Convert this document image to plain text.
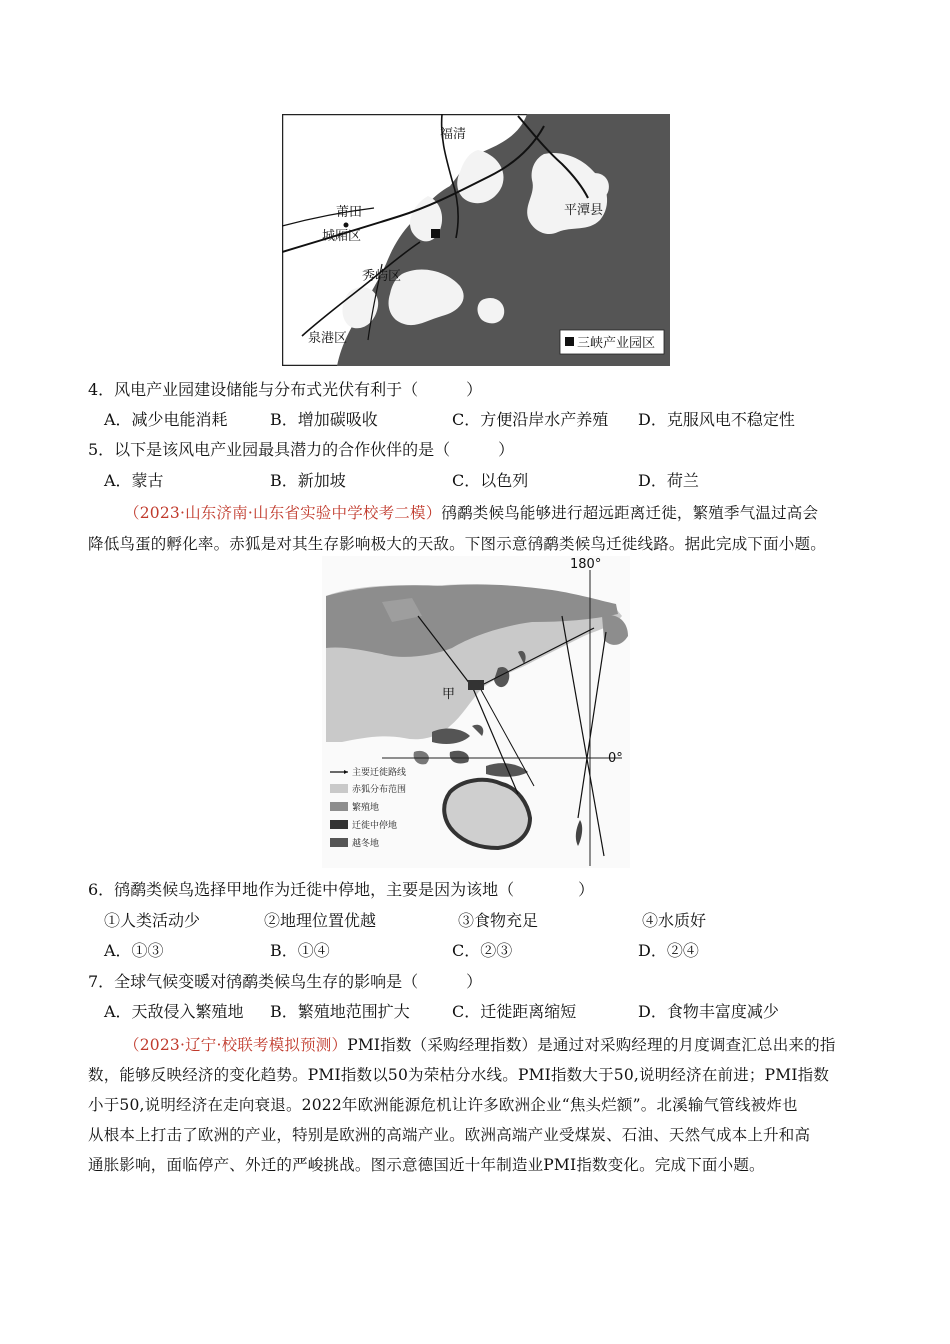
福清
莆田
城厢区
秀屿区
泉港区
平潭县
三峡产业园区
4．风电产业园建设储能与分布式光伏有利于（　　　）
A．减少电能消耗	B．增加碳吸收	C．方便沿岸水产养殖 D．克服风电不稳定性
5．以下是该风电产业园最具潜力的合作伙伴的是（　　　）
A．蒙古	B．新加坡	C．以色列	D．荷兰
（2023·山东济南·山东省实验中学校考二模）鸻鹬类候鸟能够进行超远距离迁徙，繁殖季气温过高会
降低鸟蛋的孵化率。赤狐是对其生存影响极大的天敌。下图示意鸻鹬类候鸟迁徙线路。据此完成下面小题。
180°
0°
甲
主要迁徙路线
赤狐分布范围
繁殖地
迁徙中停地
越冬地
6．鸻鹬类候鸟选择甲地作为迁徙中停地，主要是因为该地（　　　　）
①人类活动少	②地理位置优越	③食物充足	④水质好
A．①③	B．①④	C．②③	D．②④
7．全球气候变暖对鸻鹬类候鸟生存的影响是（　　　）
A．天敌侵入繁殖地 B．繁殖地范围扩大	C．迁徙距离缩短	D．食物丰富度减少
（2023·辽宁·校联考模拟预测）PMI指数（采购经理指数）是通过对采购经理的月度调查汇总出来的指
数，能够反映经济的变化趋势。PMI指数以50为荣枯分水线。PMI指数大于50,说明经济在前进；PMI指数
小于50,说明经济在走向衰退。2022年欧洲能源危机让许多欧洲企业“焦头烂额”。北溪输气管线被炸也
从根本上打击了欧洲的产业，特别是欧洲的高端产业。欧洲高端产业受煤炭、石油、天然气成本上升和高
通胀影响，面临停产、外迁的严峻挑战。图示意德国近十年制造业PMI指数变化。完成下面小题。
